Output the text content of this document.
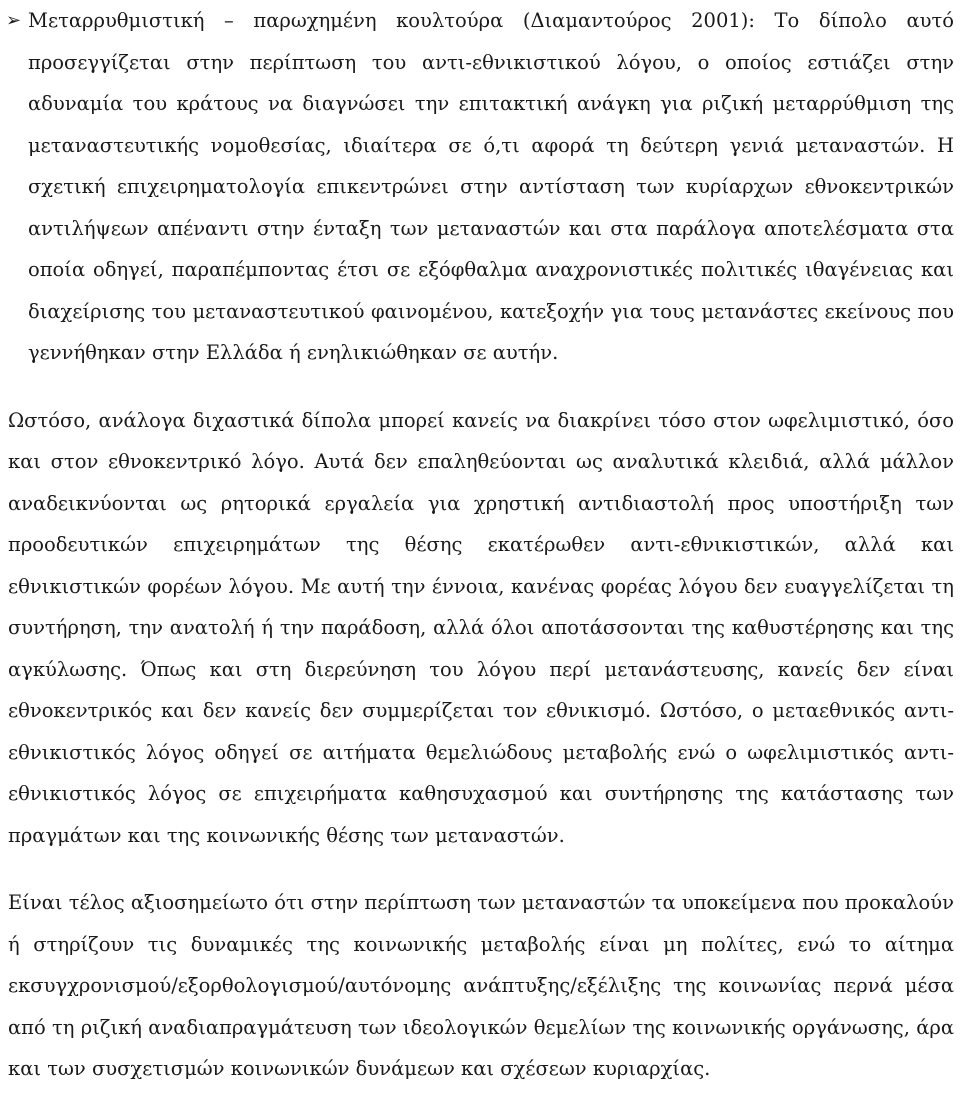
➢ Μεταρρυθμιστική – παρωχημένη κουλτούρα (Διαμαντούρος 2001): Το δίπολο αυτό προσεγγίζεται στην περίπτωση του αντι-εθνικιστικού λόγου, ο οποίος εστιάζει στην αδυναμία του κράτους να διαγνώσει την επιτακτική ανάγκη για ριζική μεταρρύθμιση της μεταναστευτικής νομοθεσίας, ιδιαίτερα σε ό,τι αφορά τη δεύτερη γενιά μεταναστών. Η σχετική επιχειρηματολογία επικεντρώνει στην αντίσταση των κυρίαρχων εθνοκεντρικών αντιλήψεων απέναντι στην ένταξη των μεταναστών και στα παράλογα αποτελέσματα στα οποία οδηγεί, παραπέμποντας έτσι σε εξόφθαλμα αναχρονιστικές πολιτικές ιθαγένειας και διαχείρισης του μεταναστευτικού φαινομένου, κατεξοχήν για τους μετανάστες εκείνους που γεννήθηκαν στην Ελλάδα ή ενηλικιώθηκαν σε αυτήν.

Ωστόσο, ανάλογα διχαστικά δίπολα μπορεί κανείς να διακρίνει τόσο στον ωφελιμιστικό, όσο και στον εθνοκεντρικό λόγο. Αυτά δεν επαληθεύονται ως αναλυτικά κλειδιά, αλλά μάλλον αναδεικνύονται ως ρητορικά εργαλεία για χρηστική αντιδιαστολή προς υποστήριξη των προοδευτικών επιχειρημάτων της θέσης εκατέρωθεν αντι-εθνικιστικών, αλλά και εθνικιστικών φορέων λόγου. Με αυτή την έννοια, κανένας φορέας λόγου δεν ευαγγελίζεται τη συντήρηση, την ανατολή ή την παράδοση, αλλά όλοι αποτάσσονται της καθυστέρησης και της αγκύλωσης. Όπως και στη διερεύνηση του λόγου περί μετανάστευσης, κανείς δεν είναι εθνοκεντρικός και δεν κανείς δεν συμμερίζεται τον εθνικισμό. Ωστόσο, ο μεταεθνικός αντι-εθνικιστικός λόγος οδηγεί σε αιτήματα θεμελιώδους μεταβολής ενώ ο ωφελιμιστικός αντι-εθνικιστικός λόγος σε επιχειρήματα καθησυχασμού και συντήρησης της κατάστασης των πραγμάτων και της κοινωνικής θέσης των μεταναστών.

Είναι τέλος αξιοσημείωτο ότι στην περίπτωση των μεταναστών τα υποκείμενα που προκαλούν ή στηρίζουν τις δυναμικές της κοινωνικής μεταβολής είναι μη πολίτες, ενώ το αίτημα εκσυγχρονισμού/εξορθολογισμού/αυτόνομης ανάπτυξης/εξέλιξης της κοινωνίας περνά μέσα από τη ριζική αναδιαπραγμάτευση των ιδεολογικών θεμελίων της κοινωνικής οργάνωσης, άρα και των συσχετισμών κοινωνικών δυνάμεων και σχέσεων κυριαρχίας.
